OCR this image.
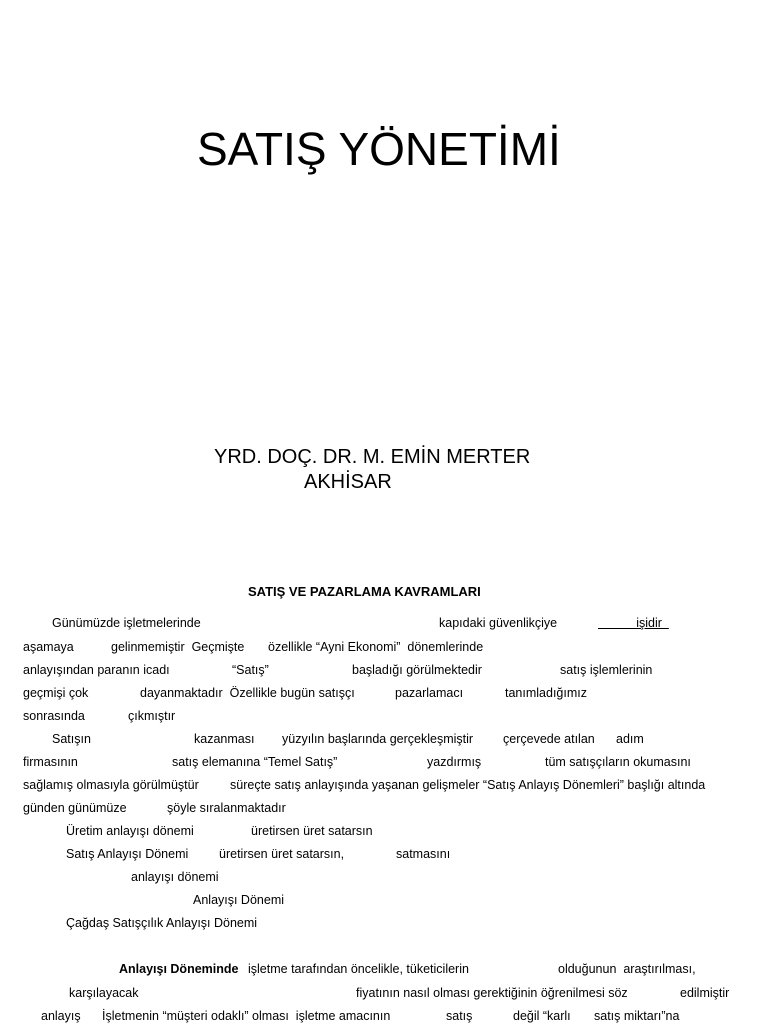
SATIŞ YÖNETİMİ
YRD. DOÇ. DR. M. EMİN MERTER
AKHİSAR
SATIŞ VE PAZARLAMA KAVRAMLARI
Günümüzde işletmelerinde	kapıdaki güvenlikçiye	işidir
aşamaya	gelinmemiştir  Geçmişte özellikle “Ayni Ekonomi”  dönemlerinde
anlayışından paranın icadı	“Satış”	başladığı görülmektedir	satış işlemlerinin
geçmişi çok	dayanmaktadır  Özellikle bugün satışçı	pazarlamacı	tanımladığımız
sonrasında	çıkmıştır
Satışın	kazanması yüzyılın başlarında gerçekleşmiştir çerçevede atılan adım
firmasının	satış elemanına “Temel Satış”	yazdırmış	tüm satışçıların okumasını
sağlamış olmasıyla görülmüştür süreçte satış anlayışında yaşanan gelişmeler “Satış Anlayış Dönemleri” başlığı altında
günden günümüze	şöyle sıralanmaktadır
Üretim anlayışı dönemi	üretirsen üret satarsın
Satış Anlayışı Dönemi üretirsen üret satarsın,	satmasını
anlayışı dönemi
Anlayışı Dönemi
Çağdaş Satışçılık Anlayışı Dönemi
Anlayışı Döneminde işletme tarafından öncelikle, tüketicilerin	olduğunun  araştırılması,
karşılayacak	fiyatının nasıl olması gerektiğinin öğrenilmesi söz	edilmiştir
anlayış İşletmenin “müşteri odaklı” olması  işletme amacının	satış	değil “karlı satış miktarı”na
